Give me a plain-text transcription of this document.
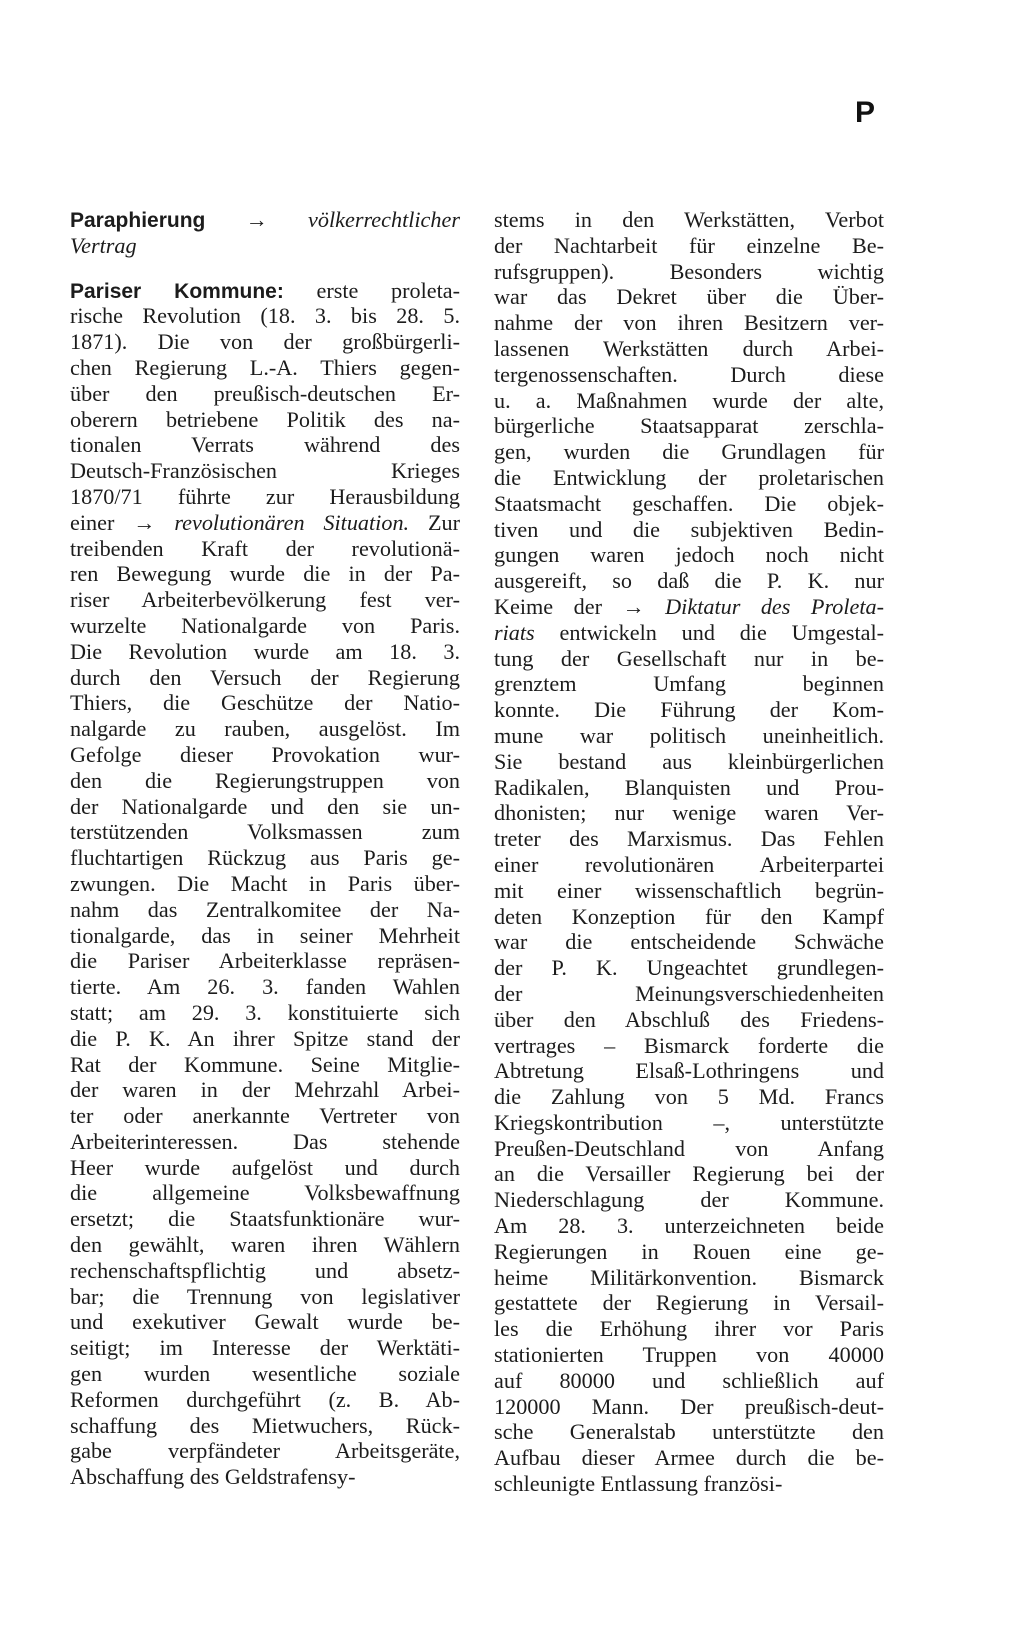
P
Paraphierung → völkerrechtlicher
Vertrag
Pariser Kommune: erste proleta-
rische Revolution (18. 3. bis 28. 5.
1871). Die von der großbürgerli-
chen Regierung L.-A. Thiers gegen-
über den preußisch-deutschen Er-
oberern betriebene Politik des na-
tionalen Verrats während des
Deutsch-Französischen Krieges
1870/71 führte zur Herausbildung
einer → revolutionären Situation. Zur
treibenden Kraft der revolutionä-
ren Bewegung wurde die in der Pa-
riser Arbeiterbevölkerung fest ver-
wurzelte Nationalgarde von Paris.
Die Revolution wurde am 18. 3.
durch den Versuch der Regierung
Thiers, die Geschütze der Natio-
nalgarde zu rauben, ausgelöst. Im
Gefolge dieser Provokation wur-
den die Regierungstruppen von
der Nationalgarde und den sie un-
terstützenden Volksmassen zum
fluchtartigen Rückzug aus Paris ge-
zwungen. Die Macht in Paris über-
nahm das Zentralkomitee der Na-
tionalgarde, das in seiner Mehrheit
die Pariser Arbeiterklasse repräsen-
tierte. Am 26. 3. fanden Wahlen
statt; am 29. 3. konstituierte sich
die P. K. An ihrer Spitze stand der
Rat der Kommune. Seine Mitglie-
der waren in der Mehrzahl Arbei-
ter oder anerkannte Vertreter von
Arbeiterinteressen. Das stehende
Heer wurde aufgelöst und durch
die allgemeine Volksbewaffnung
ersetzt; die Staatsfunktionäre wur-
den gewählt, waren ihren Wählern
rechenschaftspflichtig und absetz-
bar; die Trennung von legislativer
und exekutiver Gewalt wurde be-
seitigt; im Interesse der Werktäti-
gen wurden wesentliche soziale
Reformen durchgeführt (z. B. Ab-
schaffung des Mietwuchers, Rück-
gabe verpfändeter Arbeitsgeräte,
Abschaffung des Geldstrafensy-
stems in den Werkstätten, Verbot
der Nachtarbeit für einzelne Be-
rufsgruppen). Besonders wichtig
war das Dekret über die Über-
nahme der von ihren Besitzern ver-
lassenen Werkstätten durch Arbei-
tergenossenschaften. Durch diese
u. a. Maßnahmen wurde der alte,
bürgerliche Staatsapparat zerschla-
gen, wurden die Grundlagen für
die Entwicklung der proletarischen
Staatsmacht geschaffen. Die objek-
tiven und die subjektiven Bedin-
gungen waren jedoch noch nicht
ausgereift, so daß die P. K. nur
Keime der → Diktatur des Proleta-
riats entwickeln und die Umgestal-
tung der Gesellschaft nur in be-
grenztem Umfang beginnen
konnte. Die Führung der Kom-
mune war politisch uneinheitlich.
Sie bestand aus kleinbürgerlichen
Radikalen, Blanquisten und Prou-
dhonisten; nur wenige waren Ver-
treter des Marxismus. Das Fehlen
einer revolutionären Arbeiterpartei
mit einer wissenschaftlich begrün-
deten Konzeption für den Kampf
war die entscheidende Schwäche
der P. K. Ungeachtet grundlegen-
der Meinungsverschiedenheiten
über den Abschluß des Friedens-
vertrages – Bismarck forderte die
Abtretung Elsaß-Lothringens und
die Zahlung von 5 Md. Francs
Kriegskontribution –, unterstützte
Preußen-Deutschland von Anfang
an die Versailler Regierung bei der
Niederschlagung der Kommune.
Am 28. 3. unterzeichneten beide
Regierungen in Rouen eine ge-
heime Militärkonvention. Bismarck
gestattete der Regierung in Versail-
les die Erhöhung ihrer vor Paris
stationierten Truppen von 40000
auf 80000 und schließlich auf
120000 Mann. Der preußisch-deut-
sche Generalstab unterstützte den
Aufbau dieser Armee durch die be-
schleunigte Entlassung französi-
